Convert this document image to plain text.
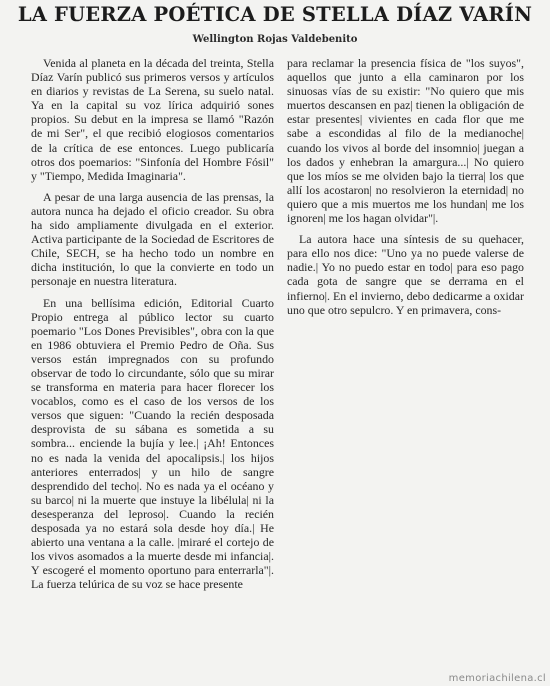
LA FUERZA POÉTICA DE STELLA DÍAZ VARÍN
Wellington Rojas Valdebenito

Venida al planeta en la década del treinta, Stella Díaz Varín publicó sus primeros versos y artículos en diarios y revistas de La Serena, su suelo natal. Ya en la capital su voz lírica adquirió sones propios. Su debut en la impresa se llamó "Razón de mi Ser", el que recibió elogiosos comentarios de la crítica de ese entonces. Luego publicaría otros dos poemarios: "Sinfonía del Hombre Fósil" y "Tiempo, Medida Imaginaria".

A pesar de una larga ausencia de las prensas, la autora nunca ha dejado el oficio creador. Su obra ha sido ampliamente divulgada en el exterior. Activa participante de la Sociedad de Escritores de Chile, SECH, se ha hecho todo un nombre en dicha institución, lo que la convierte en todo un personaje en nuestra literatura.

En una bellísima edición, Editorial Cuarto Propio entrega al público lector su cuarto poemario "Los Dones Previsibles", obra con la que en 1986 obtuviera el Premio Pedro de Oña. Sus versos están impregnados con su profundo observar de todo lo circundante, sólo que su mirar se transforma en materia para hacer florecer los vocablos, como es el caso de los versos de los versos que siguen: "Cuando la recién desposada desprovista de su sábana es sometida a su sombra... enciende la bujía y lee.| ¡Ah! Entonces no es nada la venida del apocalipsis.| los hijos anteriores enterrados| y un hilo de sangre desprendido del techo|. No es nada ya el océano y su barco| ni la muerte que instuye la libélula| ni la desesperanza del leproso|. Cuando la recién desposada ya no estará sola desde hoy día.| He abierto una ventana a la calle. |miraré el cortejo de los vivos asomados a la muerte desde mi infancia|. Y escogeré el momento oportuno para enterrarla"|. La fuerza telúrica de su voz se hace presente

para reclamar la presencia física de "los suyos", aquellos que junto a ella caminaron por los sinuosas vías de su existir: "No quiero que mis muertos descansen en paz| tienen la obligación de estar presentes| vivientes en cada flor que me sabe a escondidas al filo de la medianoche| cuando los vivos al borde del insomnio| juegan a los dados y enhebran la amargura...| No quiero que los míos se me olviden bajo la tierra| los que allí los acostaron| no resolvieron la eternidad| no quiero que a mis muertos me los hundan| me los ignoren| me los hagan olvidar"|.

La autora hace una síntesis de su quehacer, para ello nos dice: "Uno ya no puede valerse de nadie.| Yo no puedo estar en todo| para eso pago cada gota de sangre que se derrama en el infierno|. En el invierno, debo dedicarme a oxidar uno que otro sepulcro. Y en primavera, cons-

memoriachilena.cl
